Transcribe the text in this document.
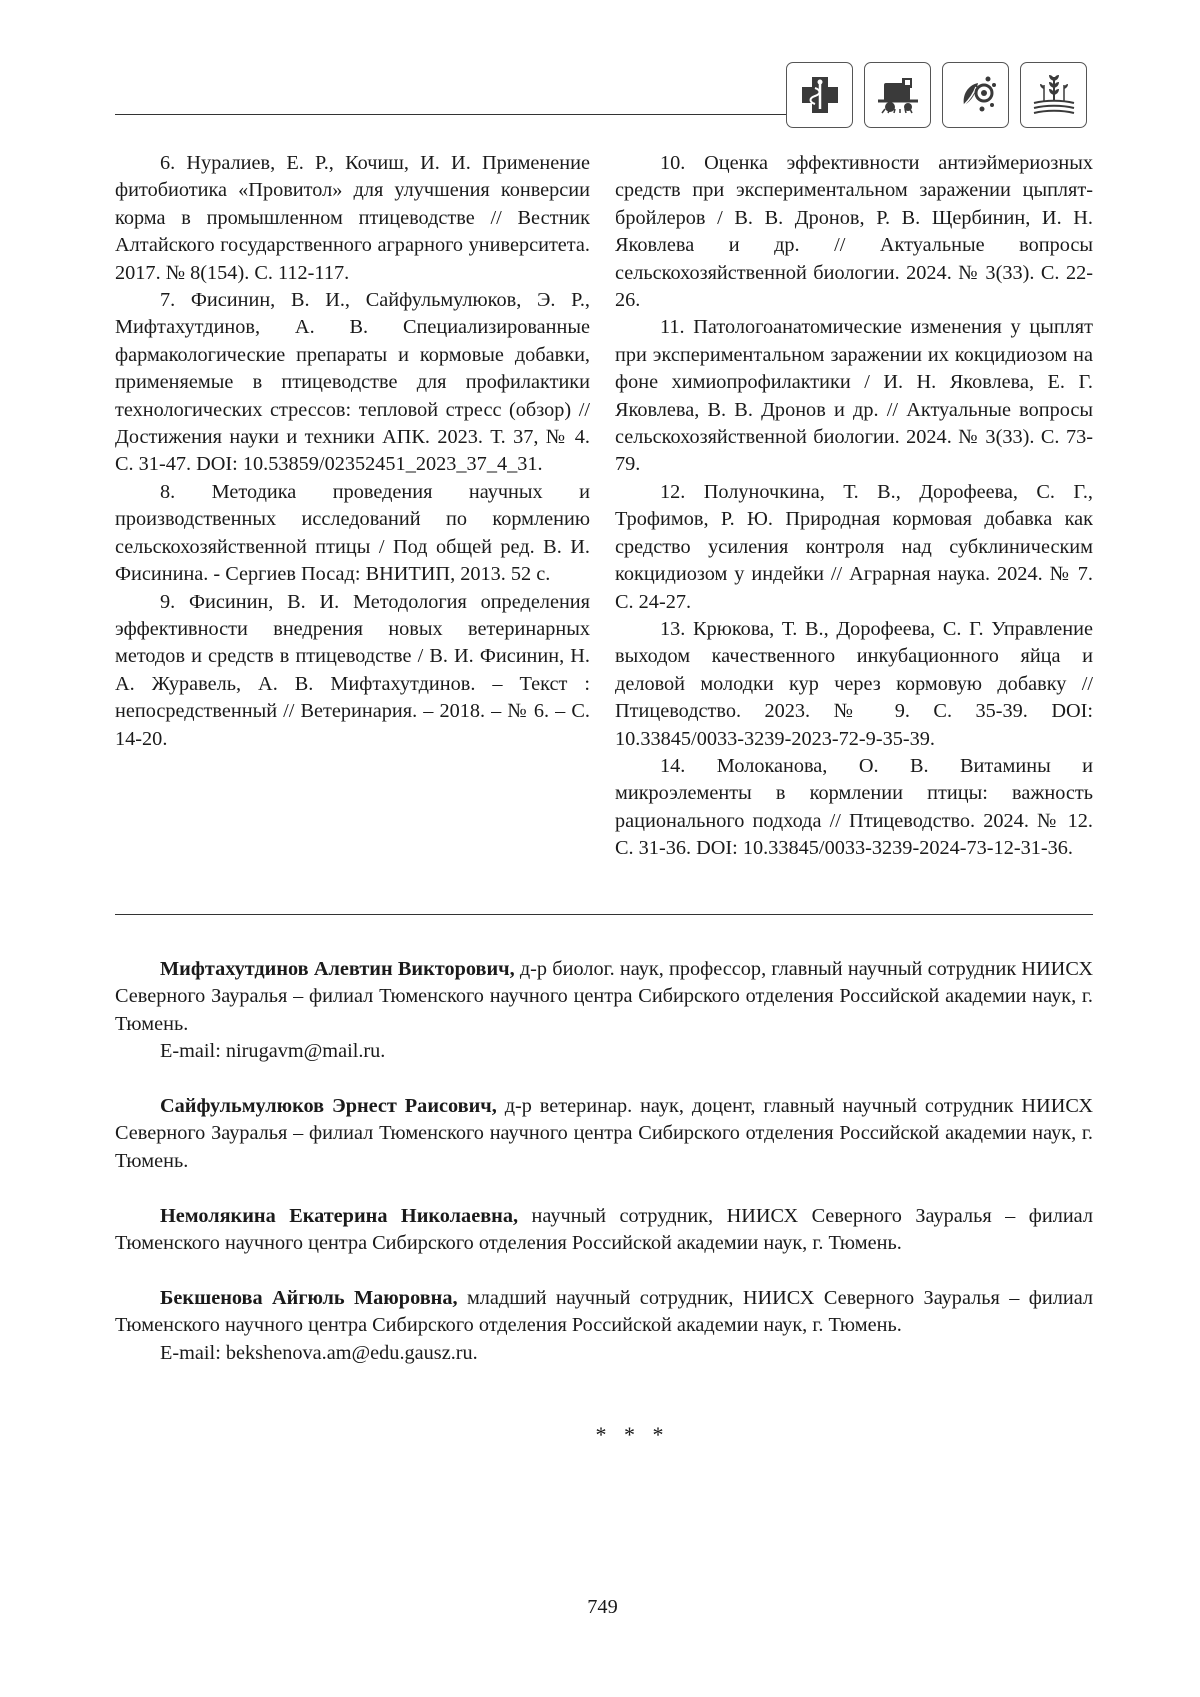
6. Нуралиев, Е. Р., Кочиш, И. И. Применение фитобиотика «Провитол» для улучшения конверсии корма в промышленном птицеводстве // Вестник Алтайского государственного аграрного университета. 2017. № 8(154). С. 112-117.

7. Фисинин, В. И., Сайфульмулюков, Э. Р., Мифтахутдинов, А. В. Специализированные фармакологические препараты и кормовые добавки, применяемые в птицеводстве для профилактики технологических стрессов: тепловой стресс (обзор) // Достижения науки и техники АПК. 2023. Т. 37, № 4. С. 31-47. DOI: 10.53859/02352451_2023_37_4_31.

8. Методика проведения научных и производственных исследований по кормлению сельскохозяйственной птицы / Под общей ред. В. И. Фисинина. - Сергиев Посад: ВНИТИП, 2013. 52 с.

9. Фисинин, В. И. Методология определения эффективности внедрения новых ветеринарных методов и средств в птицеводстве / В. И. Фисинин, Н. А. Журавель, А. В. Мифтахутдинов. – Текст : непосредственный // Ветеринария. – 2018. – № 6. – С. 14-20.

10. Оценка эффективности антиэймериозных средств при экспериментальном заражении цыплят-бройлеров / В. В. Дронов, Р. В. Щербинин, И. Н. Яковлева и др. // Актуальные вопросы сельскохозяйственной биологии. 2024. № 3(33). С. 22-26.

11. Патологоанатомические изменения у цыплят при экспериментальном заражении их кокцидиозом на фоне химиопрофилактики / И. Н. Яковлева, Е. Г. Яковлева, В. В. Дронов и др. // Актуальные вопросы сельскохозяйственной биологии. 2024. № 3(33). С. 73-79.

12. Полуночкина, Т. В., Дорофеева, С. Г., Трофимов, Р. Ю. Природная кормовая добавка как средство усиления контроля над субклиническим кокцидиозом у индейки // Аграрная наука. 2024. № 7. С. 24-27.

13. Крюкова, Т. В., Дорофеева, С. Г. Управление выходом качественного инкубационного яйца и деловой молодки кур через кормовую добавку // Птицеводство. 2023. № 9. С. 35-39. DOI: 10.33845/0033-3239-2023-72-9-35-39.

14. Молоканова, О. В. Витамины и микроэлементы в кормлении птицы: важность рационального подхода // Птицеводство. 2024. № 12. С. 31-36. DOI: 10.33845/0033-3239-2024-73-12-31-36.

Мифтахутдинов Алевтин Викторович, д-р биолог. наук, профессор, главный научный сотрудник НИИСХ Северного Зауралья – филиал Тюменского научного центра Сибирского отделения Российской академии наук, г. Тюмень.

E-mail: nirugavm@mail.ru.

Сайфульмулюков Эрнест Раисович, д-р ветеринар. наук, доцент, главный научный сотрудник НИИСХ Северного Зауралья – филиал Тюменского научного центра Сибирского отделения Российской академии наук, г. Тюмень.

Немолякина Екатерина Николаевна, научный сотрудник, НИИСХ Северного Зауралья – филиал Тюменского научного центра Сибирского отделения Российской академии наук, г. Тюмень.

Бекшенова Айгюль Маюровна, младший научный сотрудник, НИИСХ Северного Зауралья – филиал Тюменского научного центра Сибирского отделения Российской академии наук, г. Тюмень.

E-mail: bekshenova.am@edu.gausz.ru.

* * *
749
